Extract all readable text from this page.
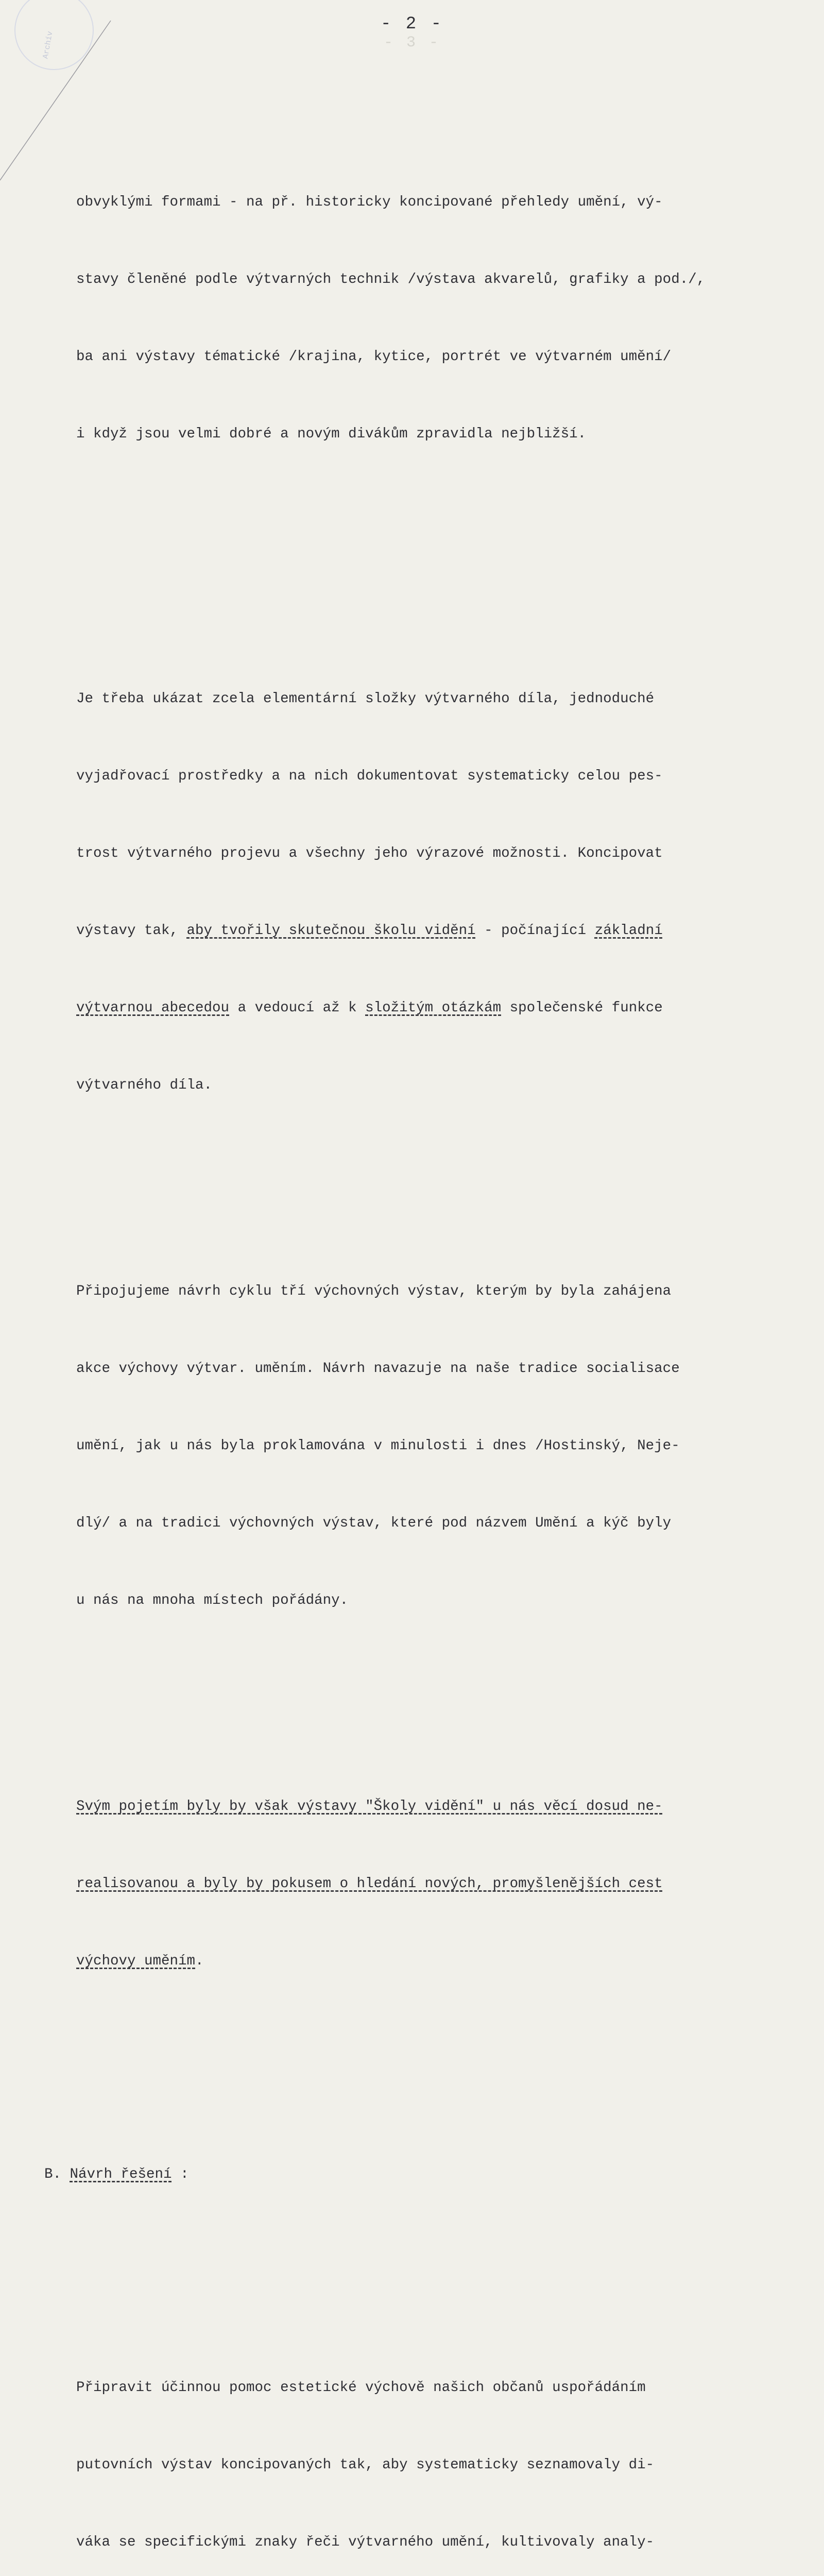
Archív	- 3 -
- 2 -

obvyklými formami - na př. historicky koncipované přehledy umění, vý-

stavy členěné podle výtvarných technik /výstava akvarelů, grafiky a pod./,

ba ani výstavy tématické /krajina, kytice, portrét ve výtvarném umění/

i když jsou velmi dobré a novým divákům zpravidla nejbližší.

Je třeba ukázat zcela elementární složky výtvarného díla, jednoduché

vyjadřovací prostředky a na nich dokumentovat systematicky celou pes-

trost výtvarného projevu a všechny jeho výrazové možnosti. Koncipovat

výstavy tak, aby tvořily skutečnou školu vidění - počínající základní

výtvarnou abecedou a vedoucí až k složitým otázkám společenské funkce

výtvarného díla.

Připojujeme návrh cyklu tří výchovných výstav, kterým by byla zahájena

akce výchovy výtvar. uměním. Návrh navazuje na naše tradice socialisace

umění, jak u nás byla proklamována v minulosti i dnes /Hostinský, Neje-

dlý/ a na tradici výchovných výstav, které pod názvem Umění a kýč byly

u nás na mnoha místech pořádány.

Svým pojetím byly by však výstavy "Školy vidění" u nás věcí dosud ne-

realisovanou a byly by pokusem o hledání nových, promyšlenějších cest

výchovy uměním.

B. Návrh řešení :

Připravit účinnou pomoc estetické výchově našich občanů uspořádáním

putovních výstav koncipovaných tak, aby systematicky seznamovaly di-

váka se specifickými znaky řeči výtvarného umění, kultivovaly analy-
